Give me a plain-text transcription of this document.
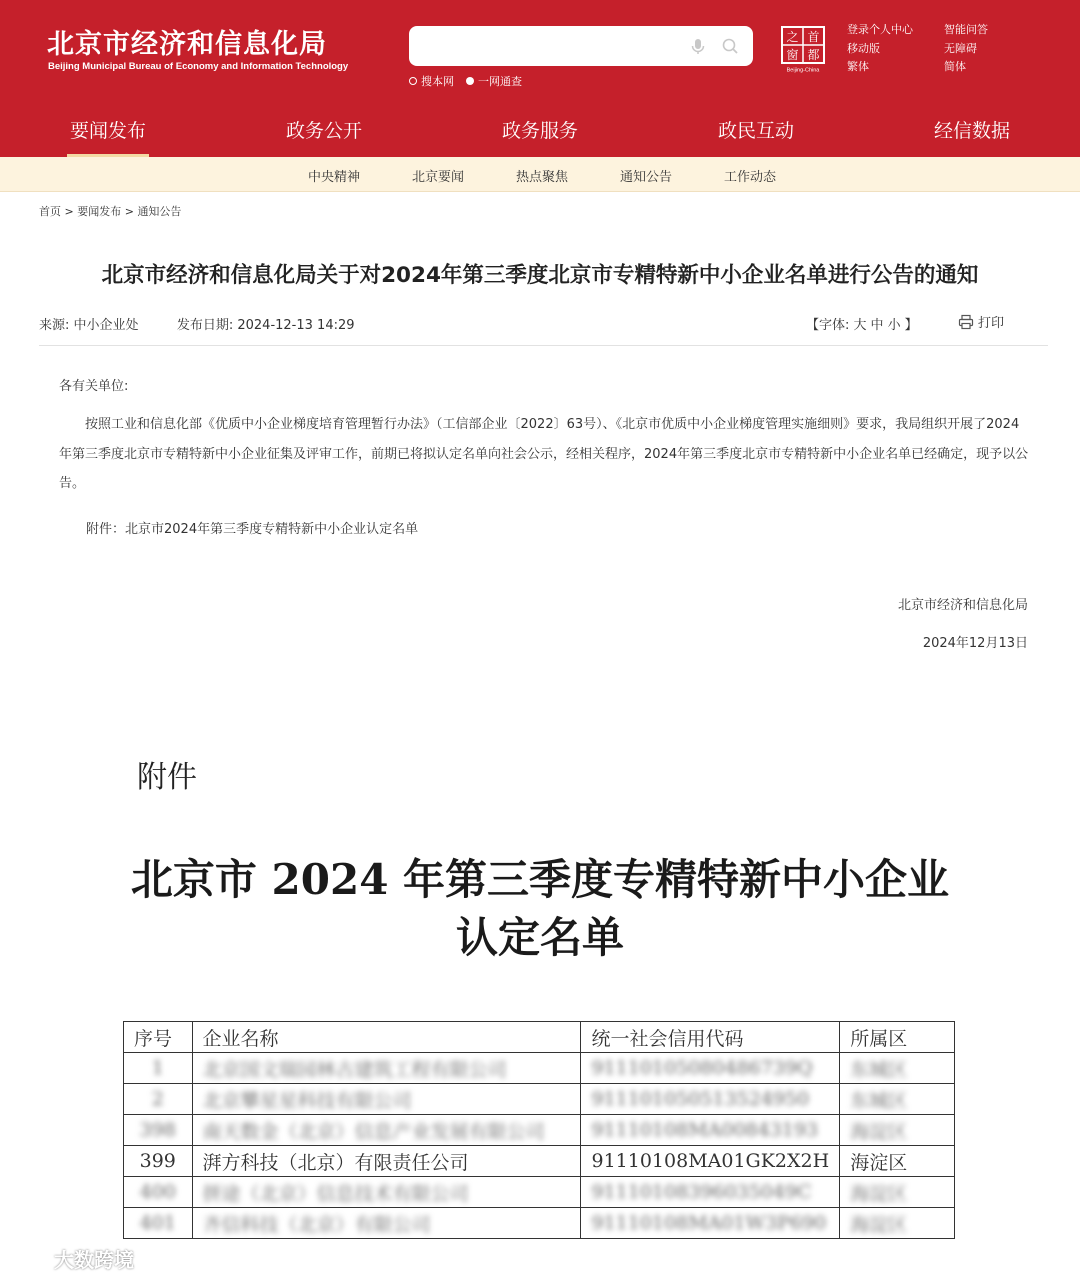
北京市经济和信息化局
Beijing Municipal Bureau of Economy and Information Technology
搜本网 一网通查
之 首
窗 都
Beijing-China
登录个人中心	智能问答
移动版	无障碍
繁体	简体
要闻发布	政务公开	政务服务	政民互动	经信数据
中央精神	北京要闻	热点聚焦	通知公告	工作动态
首页 > 要闻发布 > 通知公告
北京市经济和信息化局关于对2024年第三季度北京市专精特新中小企业名单进行公告的通知
来源: 中小企业处	发布日期: 2024-12-13 14:29	【字体: 大 中 小 】	打印
各有关单位:
按照工业和信息化部《优质中小企业梯度培育管理暂行办法》（工信部企业〔2022〕63号）、《北京市优质中小企业梯度管理实施细则》要求，我局组织开展了2024年第三季度北京市专精特新中小企业征集及评审工作，前期已将拟认定名单向社会公示，经相关程序，2024年第三季度北京市专精特新中小企业名单已经确定，现予以公告。
附件：北京市2024年第三季度专精特新中小企业认定名单
北京市经济和信息化局
2024年12月13日
附件
北京市 2024 年第三季度专精特新中小企业
认定名单
序号	企业名称	统一社会信用代码	所属区
1	北京国文瑞园林古建筑工程有限公司	91110105080486739Q	东城区
2	北京攀星星科技有限公司	911101050513524950	东城区
398	南天数金（北京）信息产业发展有限公司	91110108MA00843193	海淀区
399	湃方科技（北京）有限责任公司	91110108MA01GK2X2H	海淀区
400	拼途（北京）信息技术有限公司	91110108396035049C	海淀区
401	齐信科技（北京）有限公司	91110108MA01W3P690	海淀区
大数跨境
